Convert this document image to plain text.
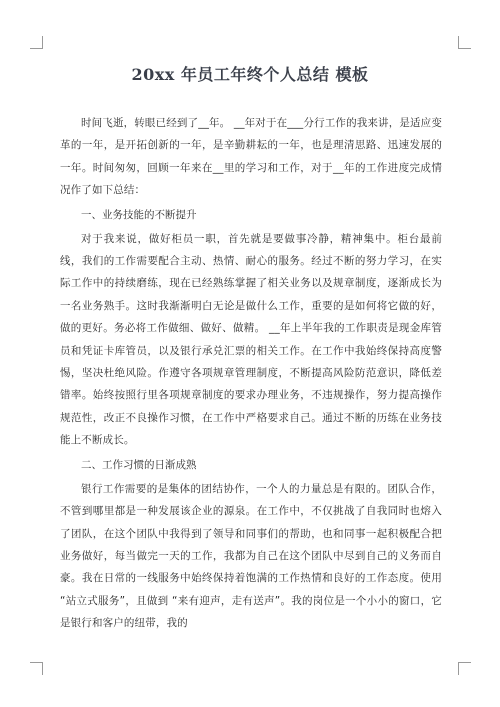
20xx 年员工年终个人总结 模板

时间飞逝，转眼已经到了__年。 __年对于在___分行工作的我来讲，是适应变革的一年，是开拓创新的一年，是辛勤耕耘的一年，也是理清思路、迅速发展的一年。时间匆匆，回顾一年来在__里的学习和工作，对于__年的工作进度完成情况作了如下总结：

一、业务技能的不断提升

对于我来说，做好柜员一职，首先就是要做事冷静，精神集中。柜台最前线，我们的工作需要配合主动、热情、耐心的服务。经过不断的努力学习，在实际工作中的持续磨练，现在已经熟练掌握了相关业务以及规章制度，逐渐成长为一名业务熟手。这时我渐渐明白无论是做什么工作，重要的是如何将它做的好，做的更好。务必将工作做细、做好、做精。 __年上半年我的工作职责是现金库管员和凭证卡库管员，以及银行承兑汇票的相关工作。在工作中我始终保持高度警惕，坚决杜绝风险。作遵守各项规章管理制度，不断提高风险防范意识，降低差错率。始终按照行里各项规章制度的要求办理业务，不违规操作，努力提高操作规范性，改正不良操作习惯，在工作中严格要求自己。通过不断的历练在业务技能上不断成长。

二、工作习惯的日渐成熟

银行工作需要的是集体的团结协作，一个人的力量总是有限的。团队合作，不管到哪里都是一种发展该企业的源泉。在工作中，不仅挑战了自我同时也熔入了团队，在这个团队中我得到了领导和同事们的帮助，也和同事一起积极配合把业务做好，每当做完一天的工作，我都为自己在这个团队中尽到自己的义务而自豪。我在日常的一线服务中始终保持着饱满的工作热情和良好的工作态度。使用 “站立式服务”，且做到 “来有迎声，走有送声”。我的岗位是一个小小的窗口，它是银行和客户的纽带，我的
